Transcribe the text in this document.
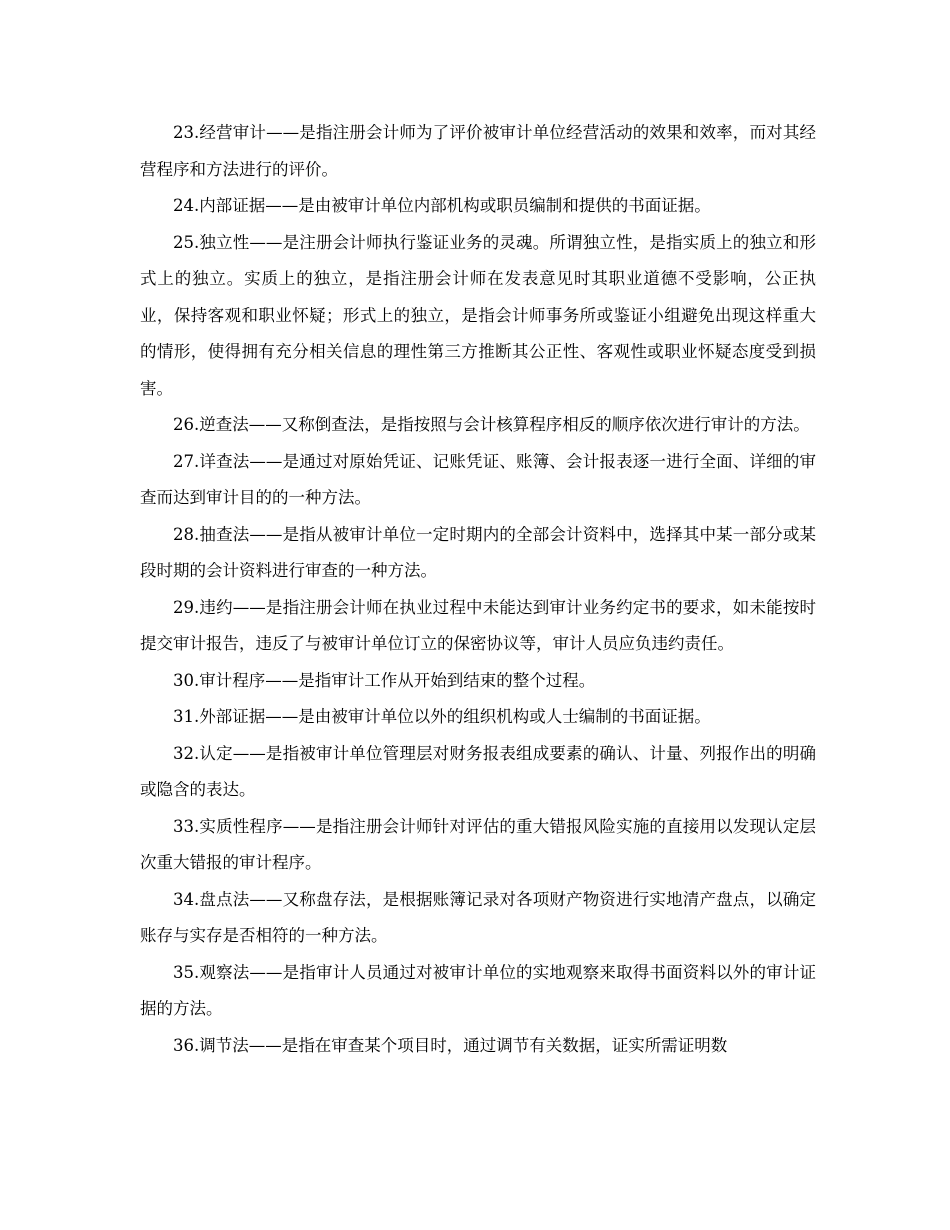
23.经营审计——是指注册会计师为了评价被审计单位经营活动的效果和效率，而对其经营程序和方法进行的评价。

24.内部证据——是由被审计单位内部机构或职员编制和提供的书面证据。

25.独立性——是注册会计师执行鉴证业务的灵魂。所谓独立性，是指实质上的独立和形式上的独立。实质上的独立，是指注册会计师在发表意见时其职业道德不受影响，公正执业，保持客观和职业怀疑；形式上的独立，是指会计师事务所或鉴证小组避免出现这样重大的情形，使得拥有充分相关信息的理性第三方推断其公正性、客观性或职业怀疑态度受到损害。

26.逆查法——又称倒查法，是指按照与会计核算程序相反的顺序依次进行审计的方法。

27.详查法——是通过对原始凭证、记账凭证、账簿、会计报表逐一进行全面、详细的审查而达到审计目的的一种方法。

28.抽查法——是指从被审计单位一定时期内的全部会计资料中，选择其中某一部分或某段时期的会计资料进行审查的一种方法。

29.违约——是指注册会计师在执业过程中未能达到审计业务约定书的要求，如未能按时提交审计报告，违反了与被审计单位订立的保密协议等，审计人员应负违约责任。

30.审计程序——是指审计工作从开始到结束的整个过程。

31.外部证据——是由被审计单位以外的组织机构或人士编制的书面证据。

32.认定——是指被审计单位管理层对财务报表组成要素的确认、计量、列报作出的明确或隐含的表达。

33.实质性程序——是指注册会计师针对评估的重大错报风险实施的直接用以发现认定层次重大错报的审计程序。

34.盘点法——又称盘存法，是根据账簿记录对各项财产物资进行实地清产盘点，以确定账存与实存是否相符的一种方法。

35.观察法——是指审计人员通过对被审计单位的实地观察来取得书面资料以外的审计证据的方法。

36.调节法——是指在审查某个项目时，通过调节有关数据，证实所需证明数
